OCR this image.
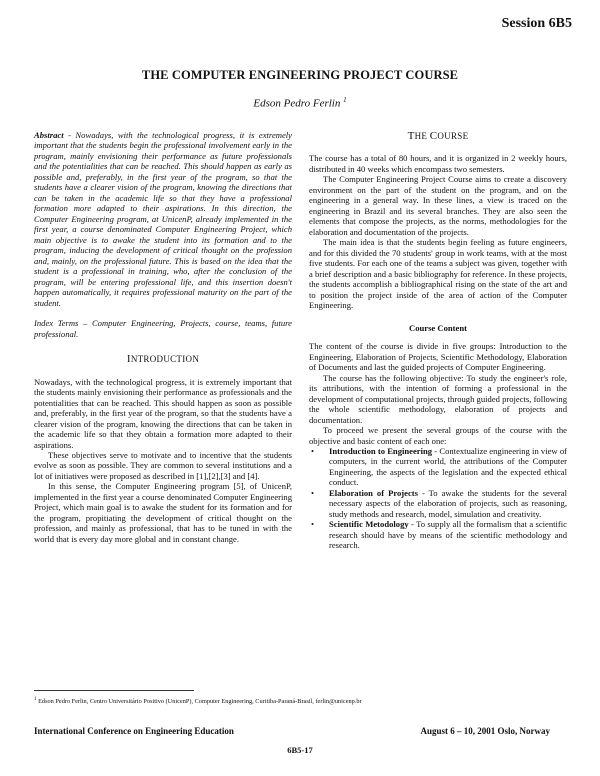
Session 6B5
THE COMPUTER ENGINEERING PROJECT COURSE
Edson Pedro Ferlin $^1$

Abstract - Nowadays, with the technological progress, it is extremely important that the students begin the professional involvement early in the program, mainly envisioning their performance as future professionals and the potentialities that can be reached. This should happen as early as possible and, preferably, in the first year of the program, so that the students have a clearer vision of the program, knowing the directions that can be taken in the academic life so that they have a professional formation more adapted to their aspirations. In this direction, the Computer Engineering program, at UnicenP, already implemented in the first year, a course denominated Computer Engineering Project, which main objective is to awake the student into its formation and to the program, inducing the development of critical thought on the profession and, mainly, on the professional future. This is based on the idea that the student is a professional in training, who, after the conclusion of the program, will be entering professional life, and this insertion doesn't happen automatically, it requires professional maturity on the part of the student.

Index Terms – Computer Engineering, Projects, course, teams, future professional.

INTRODUCTION

Nowadays, with the technological progress, it is extremely important that the students mainly envisioning their performance as professionals and the potentialities that can be reached. This should happen as soon as possible and, preferably, in the first year of the program, so that the students have a clearer vision of the program, knowing the directions that can be taken in the academic life so that they obtain a formation more adapted to their aspirations.

These objectives serve to motivate and to incentive that the students evolve as soon as possible. They are common to several institutions and a lot of initiatives were proposed as described in [1],[2],[3] and [4].

In this sense, the Computer Engineering program [5], of UnicenP, implemented in the first year a course denominated Computer Engineering Project, which main goal is to awake the student for its formation and for the program, propitiating the development of critical thought on the profession, and mainly as professional, that has to be tuned in with the world that is every day more global and in constant change.

THE COURSE

The course has a total of 80 hours, and it is organized in 2 weekly hours, distributed in 40 weeks which encompass two semesters.

The Computer Engineering Project Course aims to create a discovery environment on the part of the student on the program, and on the engineering in a general way. In these lines, a view is traced on the engineering in Brazil and its several branches. They are also seen the elements that compose the projects, as the norms, methodologies for the elaboration and documentation of the projects.

The main idea is that the students begin feeling as future engineers, and for this divided the 70 students' group in work teams, with at the most five students. For each one of the teams a subject was given, together with a brief description and a basic bibliography for reference. In these projects, the students accomplish a bibliographical rising on the state of the art and to position the project inside of the area of action of the Computer Engineering.

Course Content

The content of the course is divide in five groups: Introduction to the Engineering, Elaboration of Projects, Scientific Methodology, Elaboration of Documents and last the guided projects of Computer Engineering.

The course has the following objective: To study the engineer's role, its attributions, with the intention of forming a professional in the development of computational projects, through guided projects, following the whole scientific methodology, elaboration of projects and documentation.

To proceed we present the several groups of the course with the objective and basic content of each one:

• Introduction to Engineering - Contextualize engineering in view of computers, in the current world, the attributions of the Computer Engineering, the aspects of the legislation and the expected ethical conduct.
• Elaboration of Projects - To awake the students for the several necessary aspects of the elaboration of projects, such as reasoning, study methods and research, model, simulation and creativity.
• Scientific Metodology - To supply all the formalism that a scientific research should have by means of the scientific methodology and research.
$^1$ Edson Pedro Ferlin, Centro Universitário Positivo (UnicenP), Computer Engineering, Curitiba-Paraná-Brasil, ferlin@unicenp.br
International Conference on Engineering Education	August 6 – 10, 2001 Oslo, Norway
6B5-17
